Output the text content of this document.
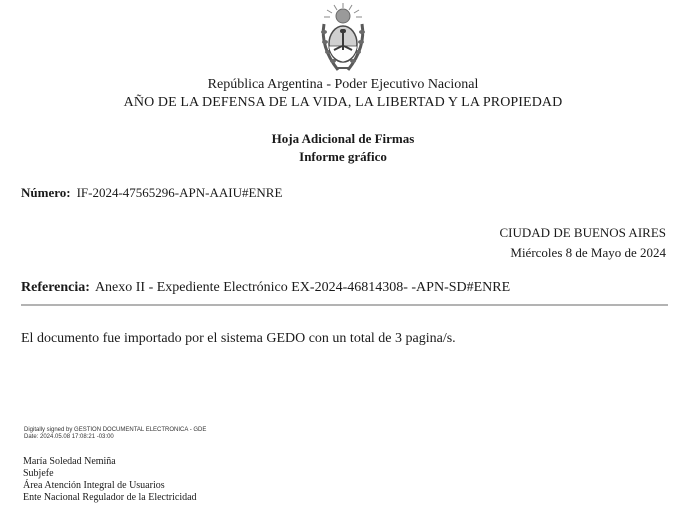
República Argentina - Poder Ejecutivo Nacional
AÑO DE LA DEFENSA DE LA VIDA, LA LIBERTAD Y LA PROPIEDAD
Hoja Adicional de Firmas
Informe gráfico
Número: IF-2024-47565296-APN-AAIU#ENRE
CIUDAD DE BUENOS AIRES
Miércoles 8 de Mayo de 2024
Referencia: Anexo II - Expediente Electrónico EX-2024-46814308- -APN-SD#ENRE
El documento fue importado por el sistema GEDO con un total de 3 pagina/s.
Digitally signed by GESTION DOCUMENTAL ELECTRONICA - GDE
Date: 2024.05.08 17:08:21 -03:00
María Soledad Nemiña
Subjefe
Área Atención Integral de Usuarios
Ente Nacional Regulador de la Electricidad
